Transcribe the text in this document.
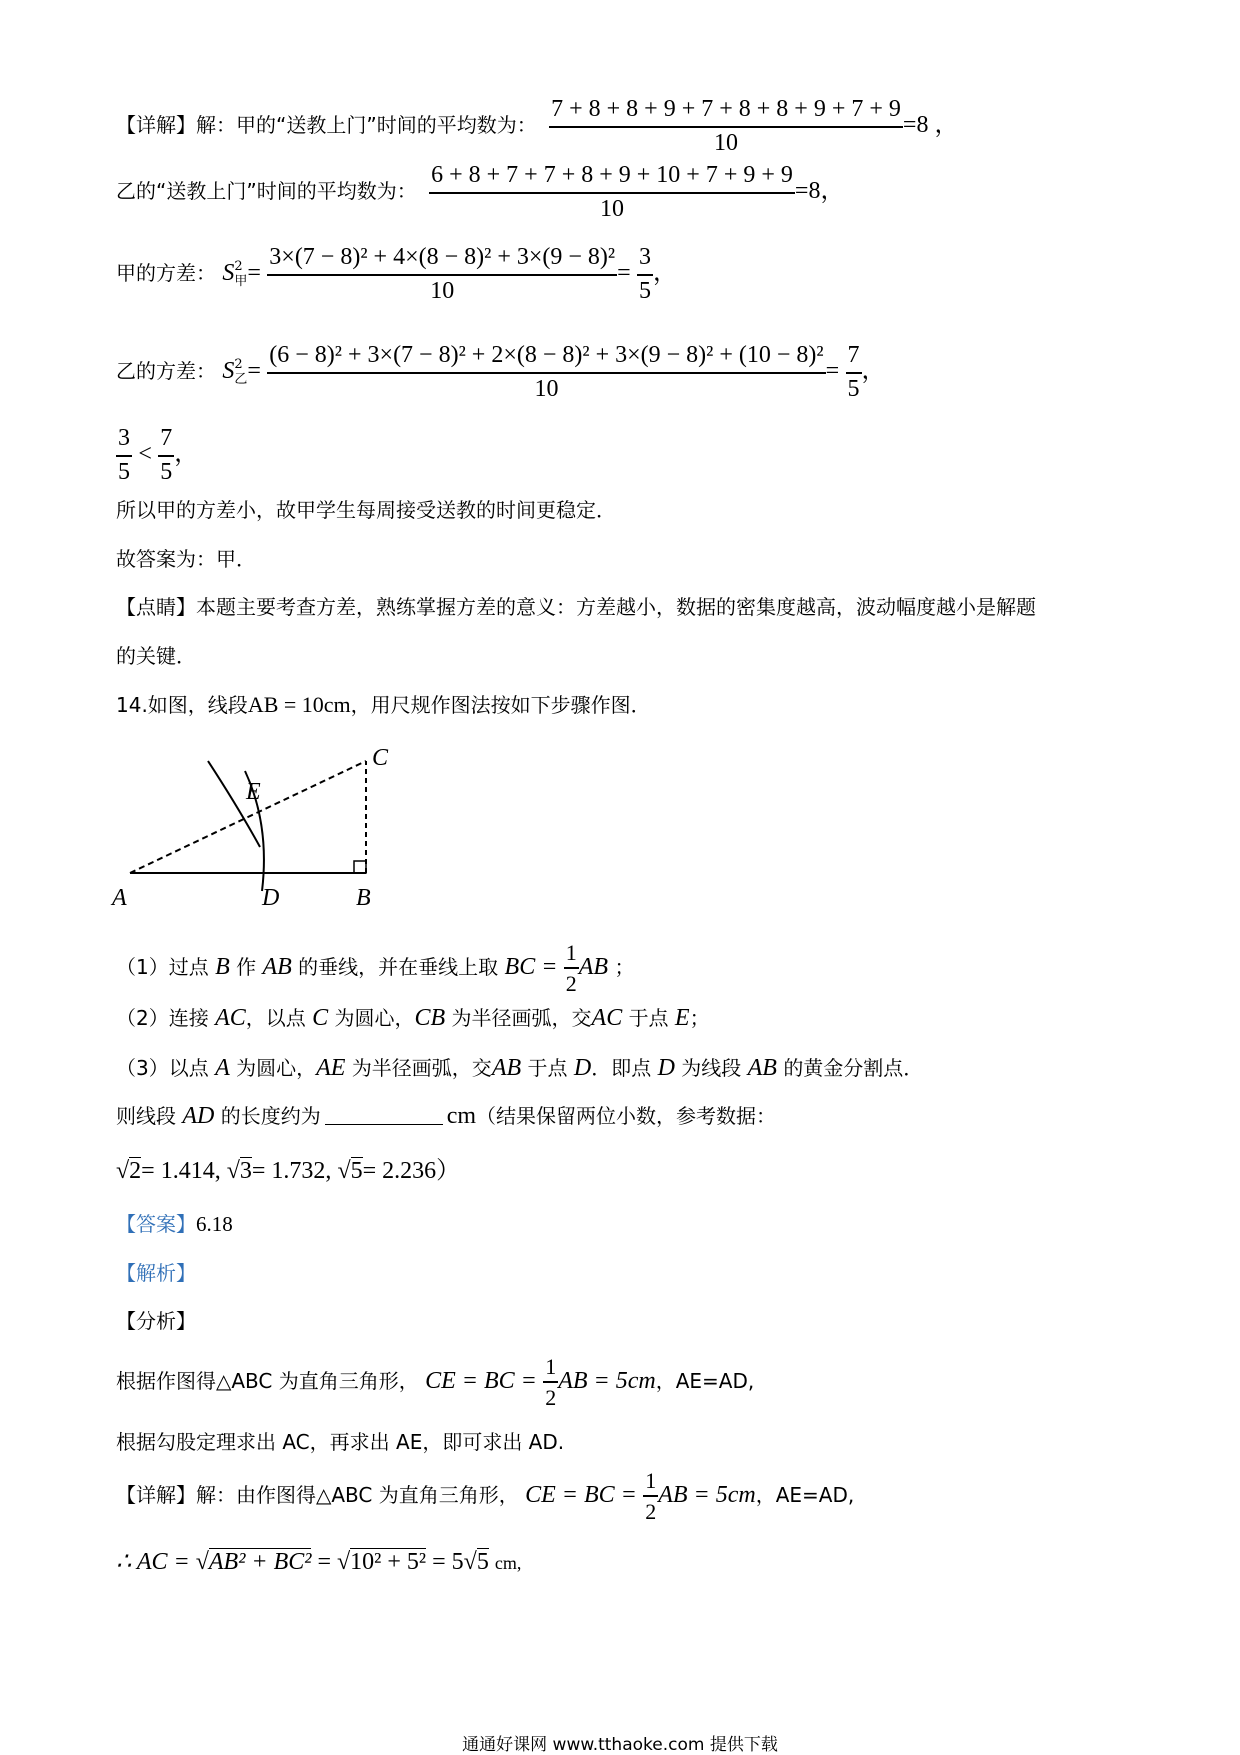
【详解】解：甲的“送教上门”时间的平均数为： $\frac{7 + 8 + 8 + 9 + 7 + 8 + 8 + 9 + 7 + 9}{10} =8$ ，
乙的“送教上门”时间的平均数为： $\frac{6 + 8 + 7 + 7 + 8 + 9 + 10 + 7 + 9 + 9}{10} =8$，
甲的方差： S 2
甲 = $\frac{\text{3×(7 − 8)² + 4×(8 − 8)² + 3×(9 − 8)²}}{10} = \frac{3}{5}$ ，
乙的方差： S 2
乙 = $\frac{\text{(6 − 8)² + 3×(7 − 8)² + 2×(8 − 8)² + 3×(9 − 8)² + (10 − 8)²}}{10} = \frac{7}{5}$ ，
$\frac{3}{5} < \frac{7}{5}$ ，
所以甲的方差小，故甲学生每周接受送教的时间更稳定．
故答案为：甲．
【点睛】本题主要考查方差，熟练掌握方差的意义：方差越小，数据的密集度越高，波动幅度越小是解题
的关键．
14.如图，线段AB = 10cm，用尺规作图法按如下步骤作图．
A	D	B
C
E
（1）过点 B 作 AB 的垂线，并在垂线上取 BC = $\frac{1}{2}$ AB ；
（2）连接 AC，以点 C 为圆心，CB 为半径画弧，交AC 于点 E；
（3）以点 A 为圆心，AE 为半径画弧，交AB 于点 D．即点 D 为线段 AB 的黄金分割点．
则线段 AD 的长度约为	cm（结果保留两位小数，参考数据：
√2= 1.414, √3= 1.732, √5= 2.236）
【答案】6.18
【解析】
【分析】
根据作图得△ABC 为直角三角形， CE = BC = $\frac{1}{2}$ AB = 5cm，AE=AD,
根据勾股定理求出 AC，再求出 AE，即可求出 AD.
【详解】解：由作图得△ABC 为直角三角形， CE = BC = $\frac{1}{2}$ AB = 5cm，AE=AD,
∴ AC = √AB² + BC² = √10² + 5² = 5√5 cm,
通通好课网 www.tthaoke.com 提供下载
